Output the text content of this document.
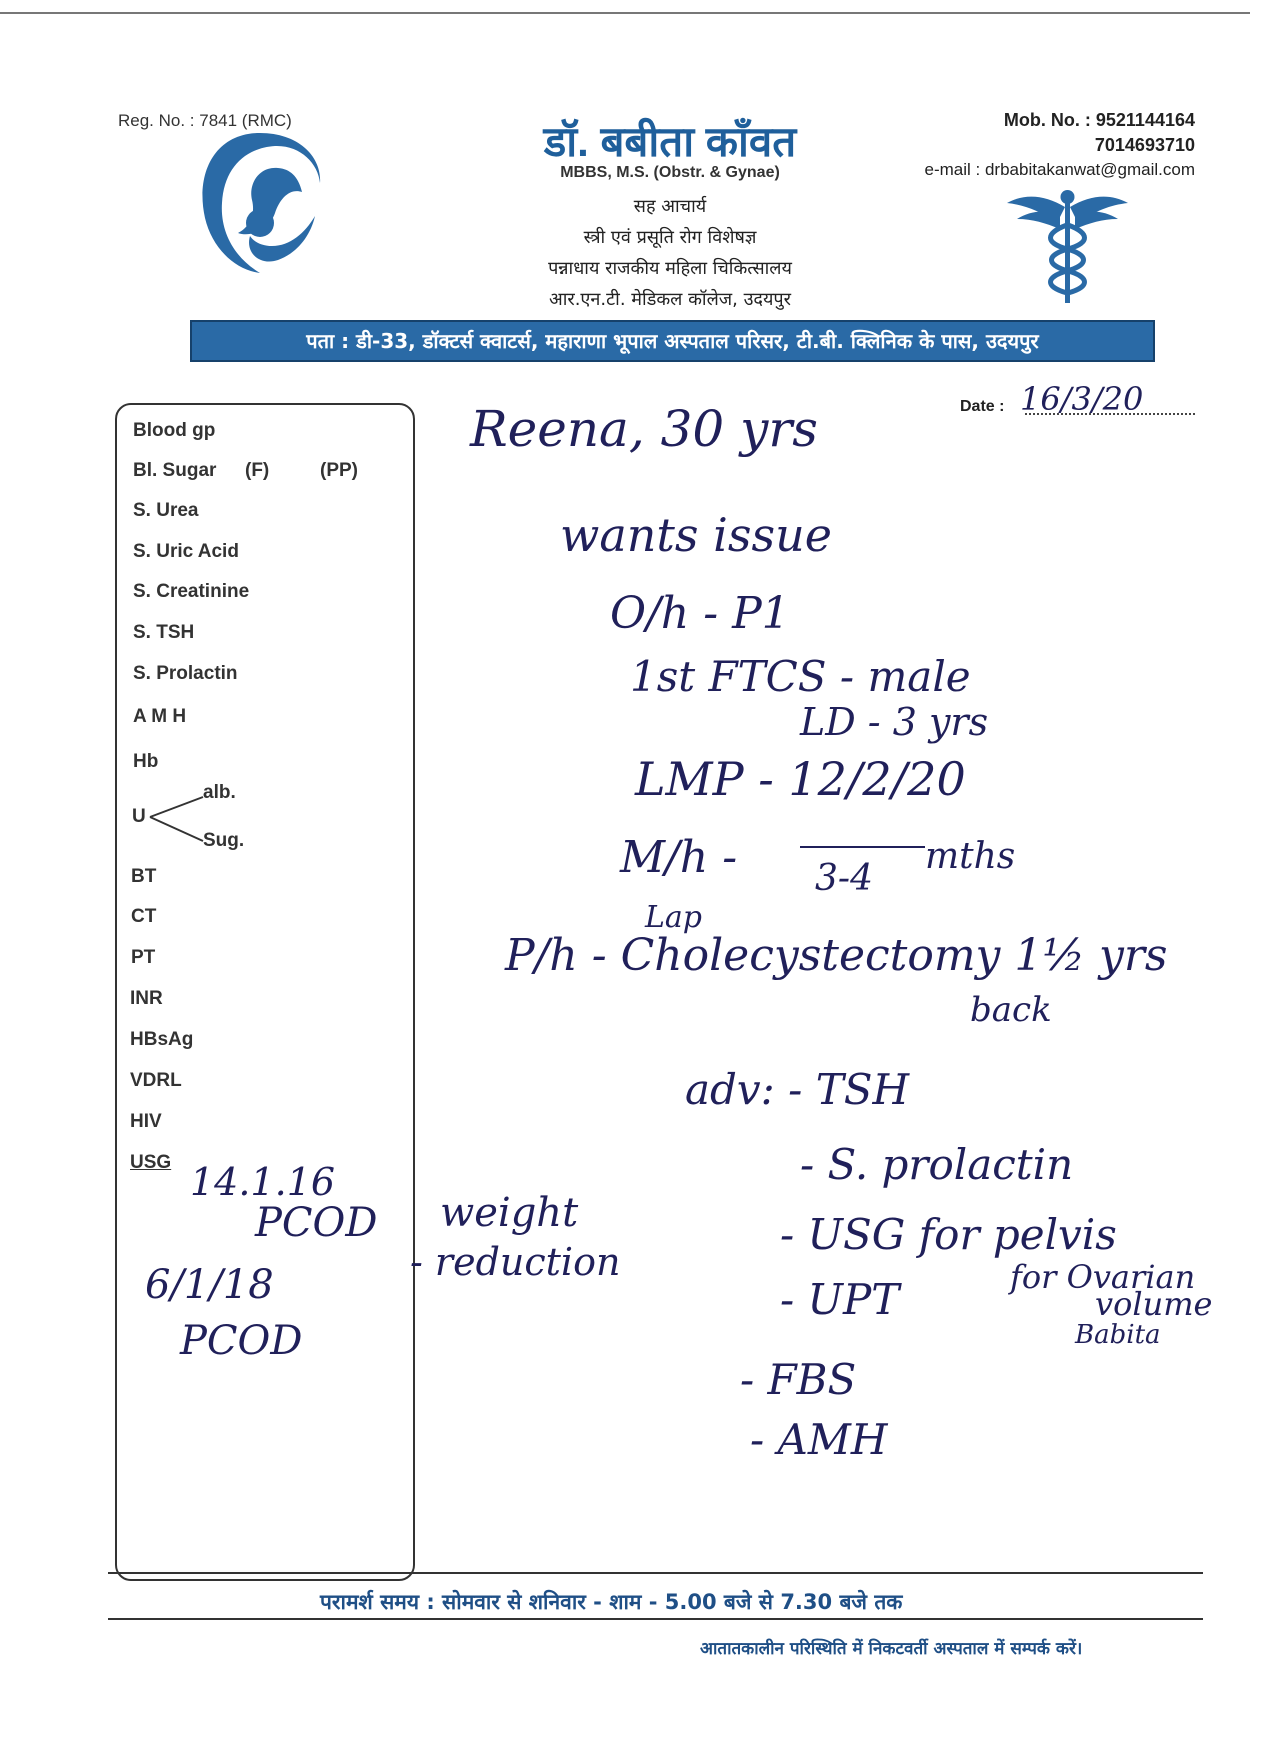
Reg. No. : 7841 (RMC)	डॉ. बबीता काँवत
MBBS, M.S. (Obstr. & Gynae)
सह आचार्य
स्त्री एवं प्रसूति रोग विशेषज्ञ
पन्नाधाय राजकीय महिला चिकित्सालय
आर.एन.टी. मेडिकल कॉलेज, उदयपुर
Mob. No. : 9521144164
7014693710
e-mail : drbabitakanwat@gmail.com
पता : डी-33, डॉक्टर्स क्वाटर्स, महाराणा भूपाल अस्पताल परिसर, टी.बी. क्लिनिक के पास, उदयपुर
Date : 16/3/20
Blood gp
Bl. Sugar (F)	(PP)
S. Urea
S. Uric Acid
S. Creatinine
S. TSH
S. Prolactin
A M H
Hb
U
alb.
Sug.
BT
CT
PT
INR
HBsAg
VDRL
HIV
USG 14.1.16
PCOD
6/1/18
PCOD
Reena, 30 yrs
wants issue
O/h - P1
1st FTCS - male
LD - 3 yrs
LMP - 12/2/20
M/h - 3-4
mths
Lap
P/h - Cholecystectomy 1½ yrs
back
adv: - TSH
- S. prolactin
- USG for pelvis
for Ovarian
- UPT	volume
Babita
- FBS
- AMH
weight
- reduction
परामर्श समय : सोमवार से शनिवार - शाम - 5.00 बजे से 7.30 बजे तक
आतातकालीन परिस्थिति में निकटवर्ती अस्पताल में सम्पर्क करें।
